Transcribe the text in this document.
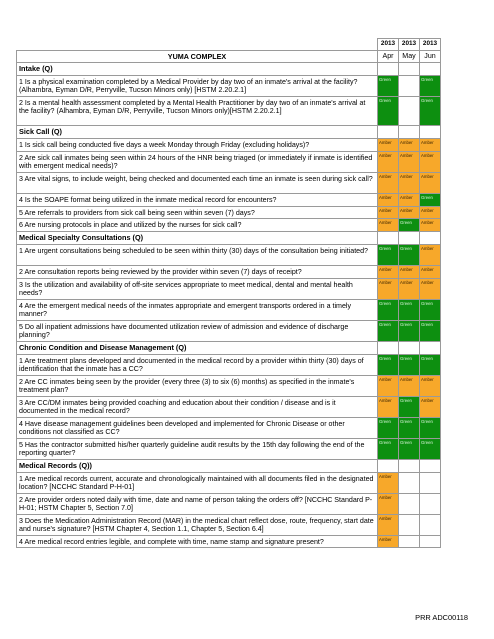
	2013	2013	2013
YUMA COMPLEX	Apr	May	Jun
Intake (Q)			
1 Is a physical examination completed by a Medical Provider by day two of an inmate's arrival at the facility? (Alhambra, Eyman D/R, Perryville, Tucson Minors only) [HSTM 2.20.2.1]	Green		Green
2 Is a mental health assessment completed by a Mental Health Practitioner by day two of an inmate's arrival at the facility? (Alhambra, Eyman D/R, Perryville, Tucson Minors only)[HSTM 2.20.2.1]	Green		Green
Sick Call (Q)			
1 Is sick call being conducted five days a week Monday through Friday (excluding holidays)?	Amber	Amber	Amber
2 Are sick call inmates being seen within 24 hours of the HNR being triaged (or immediately if inmate is identified with emergent medical needs)?	Amber	Amber	Amber
3 Are vital signs, to include weight, being checked and documented each time an inmate is seen during sick call?	Amber	Amber	Amber
4 Is the SOAPE format being utilized in the inmate medical record for encounters?	Amber	Amber	Green
5 Are referrals to providers from sick call being seen within seven (7) days?	Amber	Amber	Amber
6 Are nursing protocols in place and utilized by the nurses for sick call?	Amber	Green	Amber
Medical Specialty Consultations (Q)			
1 Are urgent consultations being scheduled to be seen within thirty (30) days of the consultation being initiated?	Green	Green	Amber
2 Are consultation reports being reviewed by the provider within seven (7) days of receipt?	Amber	Amber	Amber
3 Is the utilization and availability of off-site services appropriate to meet medical, dental and mental health needs?	Amber	Amber	Amber
4 Are the emergent medical needs of the inmates appropriate and emergent transports ordered in a timely manner?	Green	Green	Green
5 Do all inpatient admissions have documented utilization review of admission and evidence of discharge planning?	Green	Green	Green
Chronic Condition and Disease Management (Q)			
1 Are treatment plans developed and documented in the medical record by a provider within thirty (30) days of identification that the inmate has a CC?	Green	Green	Green
2 Are CC inmates being seen by the provider (every three (3) to six (6) months) as specified in the inmate's treatment plan?	Amber	Amber	Amber
3 Are CC/DM inmates being provided coaching and education about their condition / disease and is it documented in the medical record?	Amber	Green	Amber
4 Have disease management guidelines been developed and implemented for Chronic Disease or other conditions not classified as CC?	Green	Green	Green
5 Has the contractor submitted his/her quarterly guideline audit results by the 15th day following the end of the reporting quarter?	Green	Green	Green
Medical Records (Q))			
1 Are medical records current, accurate and chronologically maintained with all documents filed in the designated location? [NCCHC Standard P-H-01]	Amber		
2 Are provider orders noted daily with time, date and name of person taking the orders off? [NCCHC Standard P-H-01; HSTM Chapter 5, Section 7.0]	Amber		
3 Does the Medication Administration Record (MAR) in the medical chart reflect dose, route, frequency, start date and nurse's signature? [HSTM Chapter 4, Section 1.1, Chapter 5, Section 6.4]	Amber		
4 Are medical record entries legible, and complete with time, name stamp and signature present?	Amber		
PRR ADC00118
